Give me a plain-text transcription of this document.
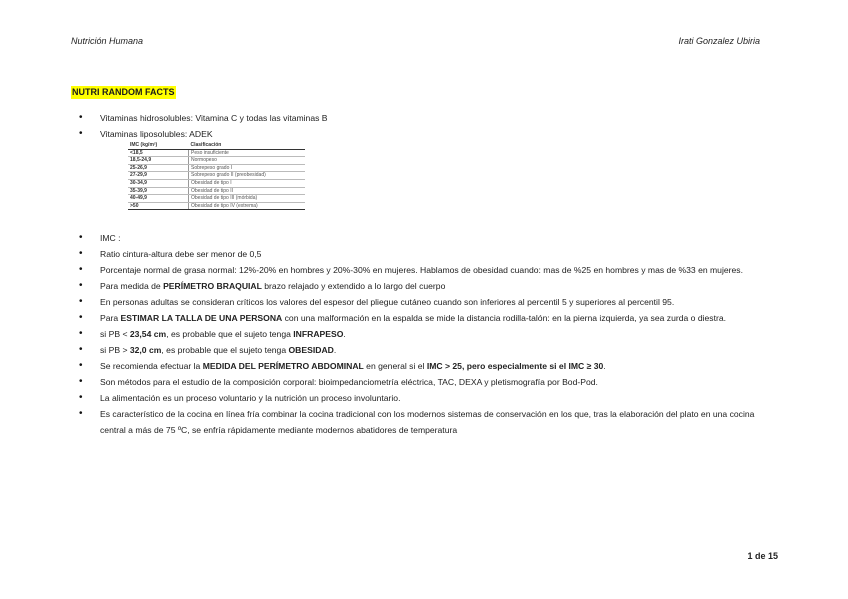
Nutrición Humana	Irati Gonzalez Ubiria
NUTRI RANDOM FACTS
• Vitaminas hidrosolubles: Vitamina C y todas las vitaminas B
• Vitaminas liposolubles: ADEK
IMC (kg/m²)	Clasificación
<18,5	Peso insuficiente
18,5-24,9	Normopeso
25-26,9	Sobrepeso grado I
27-29,9	Sobrepeso grado II (preobesidad)
30-34,9	Obesidad de tipo I
35-39,9	Obesidad de tipo II
40-49,9	Obesidad de tipo III (mórbida)
>50	Obesidad de tipo IV (extrema)
• IMC :
• Ratio cintura-altura debe ser menor de 0,5
• Porcentaje normal de grasa normal: 12%-20% en hombres y 20%-30% en mujeres. Hablamos de obesidad cuando: mas de %25 en hombres y mas de %33 en mujeres.
• Para medida de PERÍMETRO BRAQUIAL brazo relajado y extendido a lo largo del cuerpo
• En personas adultas se consideran críticos los valores del espesor del pliegue cutáneo cuando son inferiores al percentil 5 y superiores al percentil 95.
• Para ESTIMAR LA TALLA DE UNA PERSONA con una malformación en la espalda se mide la distancia rodilla-talón: en la pierna izquierda, ya sea zurda o diestra.
• si PB < 23,54 cm, es probable que el sujeto tenga INFRAPESO.
• si PB > 32,0 cm, es probable que el sujeto tenga OBESIDAD.
• Se recomienda efectuar la MEDIDA DEL PERÍMETRO ABDOMINAL en general si el IMC > 25, pero especialmente si el IMC ≥ 30.
• Son métodos para el estudio de la composición corporal: bioimpedanciometría eléctrica, TAC, DEXA y pletismografía por Bod-Pod.
• La alimentación es un proceso voluntario y la nutrición un proceso involuntario.
• Es característico de la cocina en línea fría combinar la cocina tradicional con los modernos sistemas de conservación en los que, tras la elaboración del plato en una cocina central a más de 75 ºC, se enfría rápidamente mediante modernos abatidores de temperatura
1 de 15
